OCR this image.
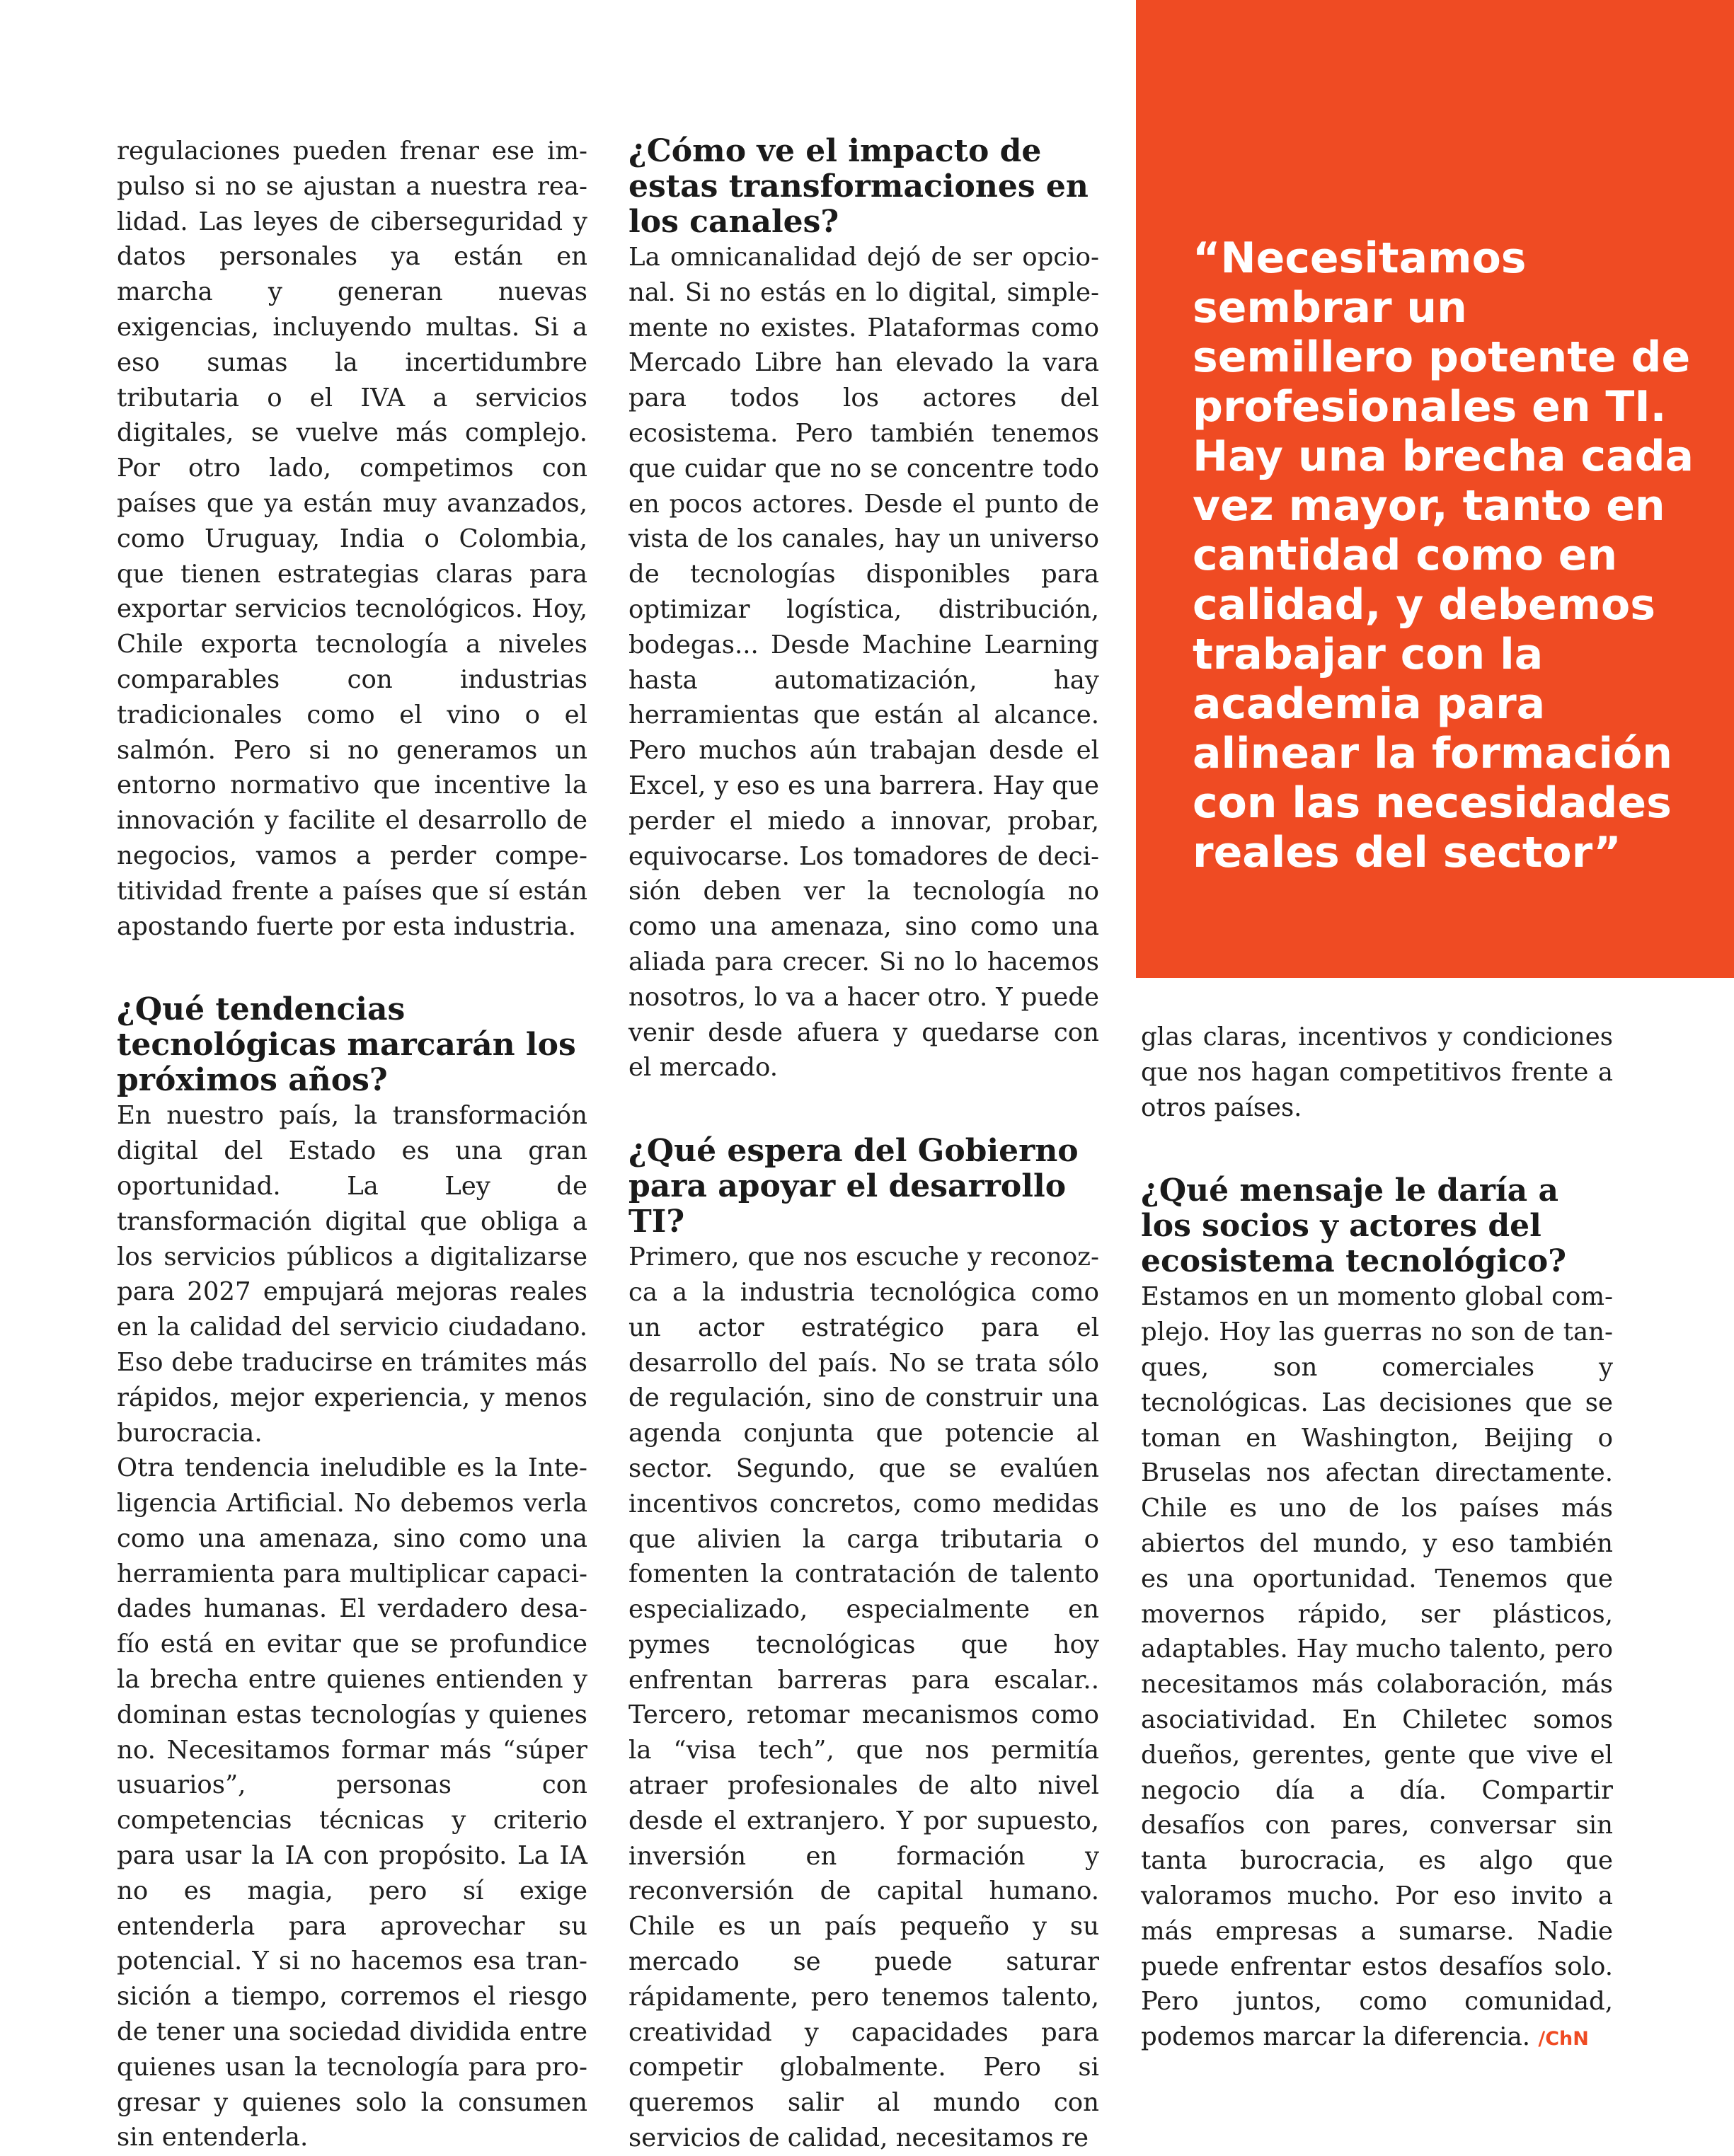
“Necesitamos sembrar un semillero potente de profesionales en TI. Hay una brecha cada vez mayor, tanto en cantidad como en calidad, y debemos trabajar con la academia para alinear la formación con las necesidades reales del sector”

regulaciones pueden frenar ese impulso si no se ajustan a nuestra realidad. Las leyes de ciberseguridad y datos personales ya están en marcha y generan nuevas exigencias, incluyendo multas. Si a eso sumas la incertidumbre tributaria o el IVA a servicios digitales, se vuelve más complejo. Por otro lado, competimos con países que ya están muy avanzados, como Uruguay, India o Colombia, que tienen estrategias claras para exportar servicios tecnológicos. Hoy, Chile exporta tecnología a niveles comparables con industrias tradicionales como el vino o el salmón. Pero si no generamos un entorno normativo que incentive la innovación y facilite el desarrollo de negocios, vamos a perder competitividad frente a países que sí están apostando fuerte por esta industria.

¿Qué tendencias tecnológicas marcarán los próximos años?

En nuestro país, la transformación digital del Estado es una gran oportunidad. La Ley de transformación digital que obliga a los servicios públicos a digitalizarse para 2027 empujará mejoras reales en la calidad del servicio ciudadano. Eso debe traducirse en trámites más rápidos, mejor experiencia, y menos burocracia.

Otra tendencia ineludible es la Inteligencia Artificial. No debemos verla como una amenaza, sino como una herramienta para multiplicar capacidades humanas. El verdadero desafío está en evitar que se profundice la brecha entre quienes entienden y dominan estas tecnologías y quienes no. Necesitamos formar más “súper usuarios”, personas con competencias técnicas y criterio para usar la IA con propósito. La IA no es magia, pero sí exige entenderla para aprovechar su potencial. Y si no hacemos esa transición a tiempo, corremos el riesgo de tener una sociedad dividida entre quienes usan la tecnología para progresar y quienes solo la consumen sin entenderla.

¿Cómo ve el impacto de estas transformaciones en los canales?

La omnicanalidad dejó de ser opcional. Si no estás en lo digital, simplemente no existes. Plataformas como Mercado Libre han elevado la vara para todos los actores del ecosistema. Pero también tenemos que cuidar que no se concentre todo en pocos actores. Desde el punto de vista de los canales, hay un universo de tecnologías disponibles para optimizar logística, distribución, bodegas... Desde Machine Learning hasta automatización, hay herramientas que están al alcance. Pero muchos aún trabajan desde el Excel, y eso es una barrera. Hay que perder el miedo a innovar, probar, equivocarse. Los tomadores de decisión deben ver la tecnología no como una amenaza, sino como una aliada para crecer. Si no lo hacemos nosotros, lo va a hacer otro. Y puede venir desde afuera y quedarse con el mercado.

¿Qué espera del Gobierno para apoyar el desarrollo TI?

Primero, que nos escuche y reconozca a la industria tecnológica como un actor estratégico para el desarrollo del país. No se trata sólo de regulación, sino de construir una agenda conjunta que potencie al sector. Segundo, que se evalúen incentivos concretos, como medidas que alivien la carga tributaria o fomenten la contratación de talento especializado, especialmente en pymes tecnológicas que hoy enfrentan barreras para escalar.. Tercero, retomar mecanismos como la “visa tech”, que nos permitía atraer profesionales de alto nivel desde el extranjero. Y por supuesto, inversión en formación y reconversión de capital humano. Chile es un país pequeño y su mercado se puede saturar rápidamente, pero tenemos talento, creatividad y capacidades para competir globalmente. Pero si queremos salir al mundo con servicios de calidad, necesitamos re

glas claras, incentivos y condiciones que nos hagan competitivos frente a otros países.

¿Qué mensaje le daría a los socios y actores del ecosistema tecnológico?

Estamos en un momento global complejo. Hoy las guerras no son de tanques, son comerciales y tecnológicas. Las decisiones que se toman en Washington, Beijing o Bruselas nos afectan directamente. Chile es uno de los países más abiertos del mundo, y eso también es una oportunidad. Tenemos que movernos rápido, ser plásticos, adaptables. Hay mucho talento, pero necesitamos más colaboración, más asociatividad. En Chiletec somos dueños, gerentes, gente que vive el negocio día a día. Compartir desafíos con pares, conversar sin tanta burocracia, es algo que valoramos mucho. Por eso invito a más empresas a sumarse. Nadie puede enfrentar estos desafíos solo. Pero juntos, como comunidad, podemos marcar la diferencia. /ChN
